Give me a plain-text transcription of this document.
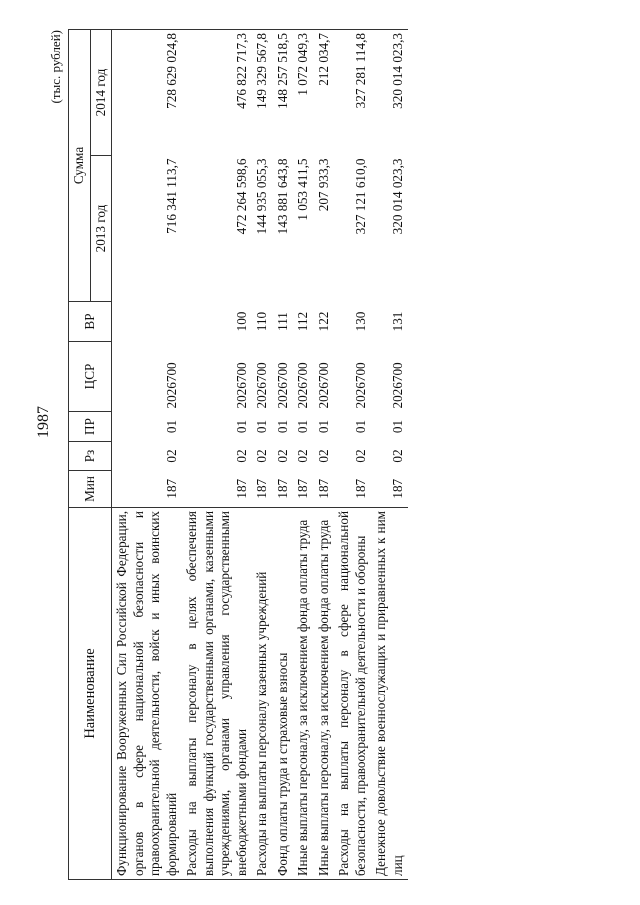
1987
(тыс. рублей)
Наименование	Мин	Рз	ПР	ЦСР	ВР	Сумма	
						2013 год	2014 год
Функционирование Вооруженных Сил Российской Федерации, органов в сфере национальной безопасности и правоохранительной деятельности, войск и иных воинских формирований	187	02	01	2026700		716 341 113,7	728 629 024,8
Расходы на выплаты персоналу в целях обеспечения выполнения функций государственными органами, казенными учреждениями, органами управления государственными внебюджетными фондами	187	02	01	2026700	100	472 264 598,6	476 822 717,3
Расходы на выплаты персоналу казенных учреждений	187	02	01	2026700	110	144 935 055,3	149 329 567,8
Фонд оплаты труда и страховые взносы	187	02	01	2026700	111	143 881 643,8	148 257 518,5
Иные выплаты персоналу, за исключением фонда оплаты труда	187	02	01	2026700	112	1 053 411,5	1 072 049,3
Иные выплаты персоналу, за исключением фонда оплаты труда	187	02	01	2026700	122	207 933,3	212 034,7
Расходы на выплаты персоналу в сфере национальной безопасности, правоохранительной деятельности и обороны	187	02	01	2026700	130	327 121 610,0	327 281 114,8
Денежное довольствие военнослужащих и приравненных к ним лиц	187	02	01	2026700	131	320 014 023,3	320 014 023,3
